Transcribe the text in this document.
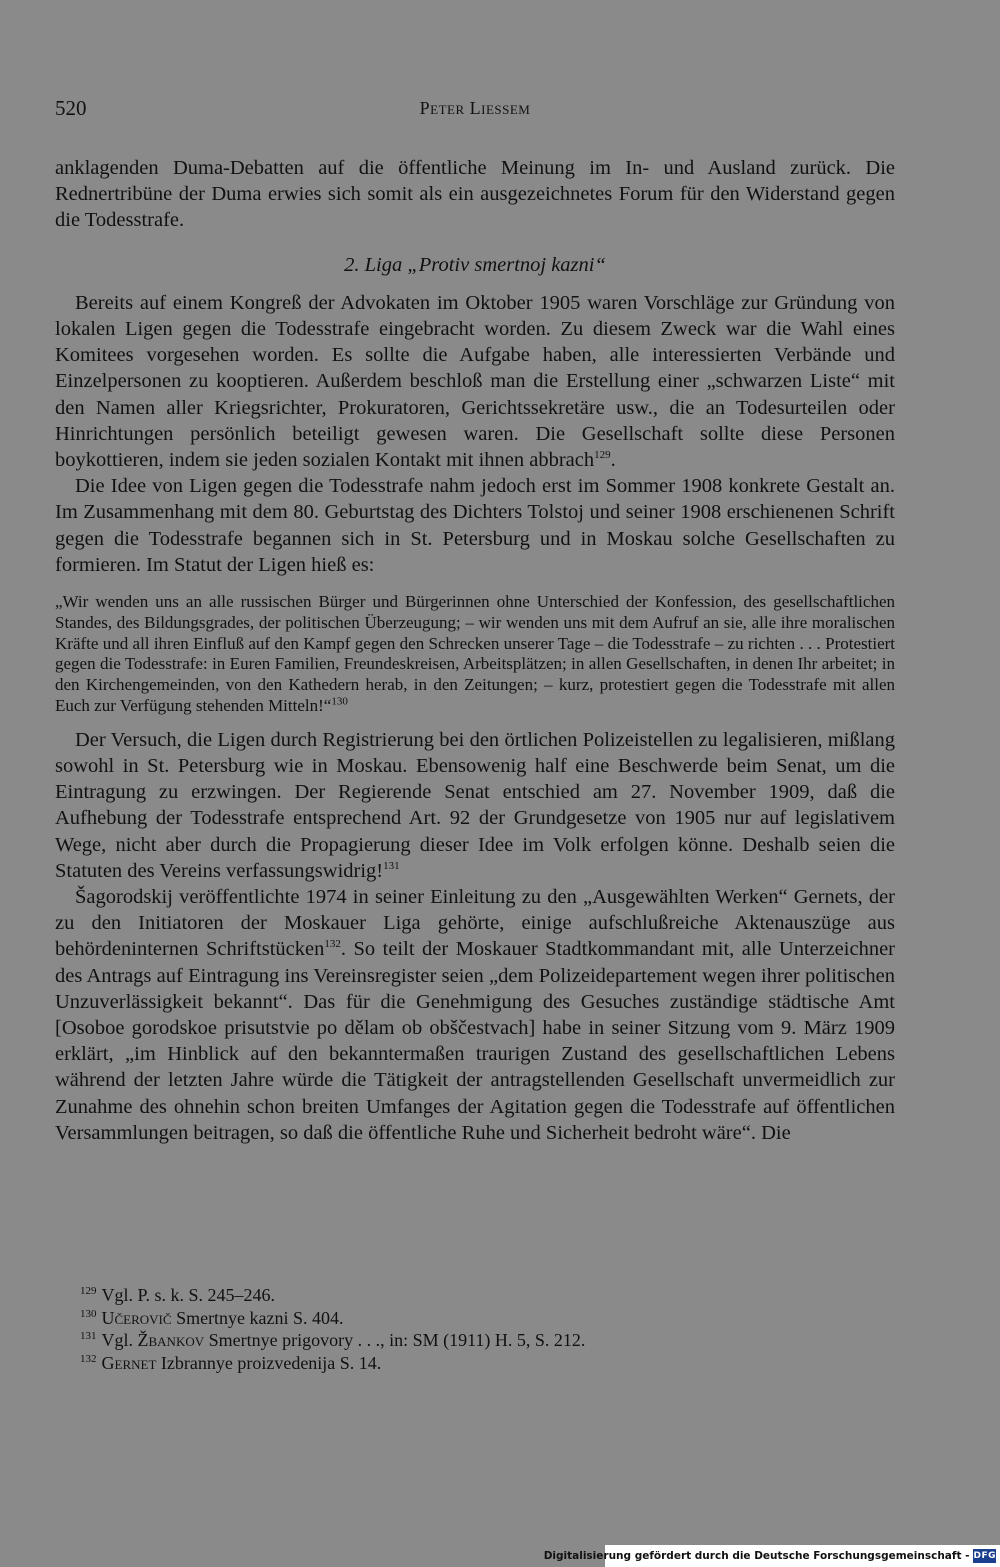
520	Peter Liessem

anklagenden Duma-Debatten auf die öffentliche Meinung im In- und Ausland zurück. Die Rednertribüne der Duma erwies sich somit als ein ausgezeichnetes Forum für den Widerstand gegen die Todesstrafe.

2. Liga „Protiv smertnoj kazni“

Bereits auf einem Kongreß der Advokaten im Oktober 1905 waren Vorschläge zur Gründung von lokalen Ligen gegen die Todesstrafe eingebracht worden. Zu diesem Zweck war die Wahl eines Komitees vorgesehen worden. Es sollte die Aufgabe haben, alle interessierten Verbände und Einzelpersonen zu kooptieren. Außerdem beschloß man die Erstellung einer „schwarzen Liste“ mit den Namen aller Kriegsrichter, Prokuratoren, Gerichtssekretäre usw., die an Todesurteilen oder Hinrichtungen persönlich beteiligt gewesen waren. Die Gesellschaft sollte diese Personen boykottieren, indem sie jeden sozialen Kontakt mit ihnen abbrach$^{129}$.

Die Idee von Ligen gegen die Todesstrafe nahm jedoch erst im Sommer 1908 konkrete Gestalt an. Im Zusammenhang mit dem 80. Geburtstag des Dichters Tolstoj und seiner 1908 erschienenen Schrift gegen die Todesstrafe begannen sich in St. Petersburg und in Moskau solche Gesellschaften zu formieren. Im Statut der Ligen hieß es:

„Wir wenden uns an alle russischen Bürger und Bürgerinnen ohne Unterschied der Konfession, des gesellschaftlichen Standes, des Bildungsgrades, der politischen Überzeugung; – wir wenden uns mit dem Aufruf an sie, alle ihre moralischen Kräfte und all ihren Einfluß auf den Kampf gegen den Schrecken unserer Tage – die Todesstrafe – zu richten . . . Protestiert gegen die Todesstrafe: in Euren Familien, Freundeskreisen, Arbeitsplätzen; in allen Gesellschaften, in denen Ihr arbeitet; in den Kirchengemeinden, von den Kathedern herab, in den Zeitungen; – kurz, protestiert gegen die Todesstrafe mit allen Euch zur Verfügung stehenden Mitteln!“$^{130}$

Der Versuch, die Ligen durch Registrierung bei den örtlichen Polizeistellen zu legalisieren, mißlang sowohl in St. Petersburg wie in Moskau. Ebensowenig half eine Beschwerde beim Senat, um die Eintragung zu erzwingen. Der Regierende Senat entschied am 27. November 1909, daß die Aufhebung der Todesstrafe entsprechend Art. 92 der Grundgesetze von 1905 nur auf legislativem Wege, nicht aber durch die Propagierung dieser Idee im Volk erfolgen könne. Deshalb seien die Statuten des Vereins verfassungswidrig!$^{131}$

Šagorodskij veröffentlichte 1974 in seiner Einleitung zu den „Ausgewählten Werken“ Gernets, der zu den Initiatoren der Moskauer Liga gehörte, einige aufschlußreiche Aktenauszüge aus behördeninternen Schriftstücken$^{132}$. So teilt der Moskauer Stadtkommandant mit, alle Unterzeichner des Antrags auf Eintragung ins Vereinsregister seien „dem Polizeidepartement wegen ihrer politischen Unzuverlässigkeit bekannt“. Das für die Genehmigung des Gesuches zuständige städtische Amt [Osoboe gorodskoe prisutstvie po dělam ob obščestvach] habe in seiner Sitzung vom 9. März 1909 erklärt, „im Hinblick auf den bekanntermaßen traurigen Zustand des gesellschaftlichen Lebens während der letzten Jahre würde die Tätigkeit der antragstellenden Gesellschaft unvermeidlich zur Zunahme des ohnehin schon breiten Umfanges der Agitation gegen die Todesstrafe auf öffentlichen Versammlungen beitragen, so daß die öffentliche Ruhe und Sicherheit bedroht wäre“. Die

$^{129}$ Vgl. P. s. k. S. 245–246.

$^{130}$ Učerovič Smertnye kazni S. 404.

$^{131}$ Vgl. Žbankov Smertnye prigovory . . ., in: SM (1911) H. 5, S. 212.

$^{132}$ Gernet Izbrannye proizvedenija S. 14.

Digitalisierung gefördert durch die Deutsche Forschungsgemeinschaft - DFG
